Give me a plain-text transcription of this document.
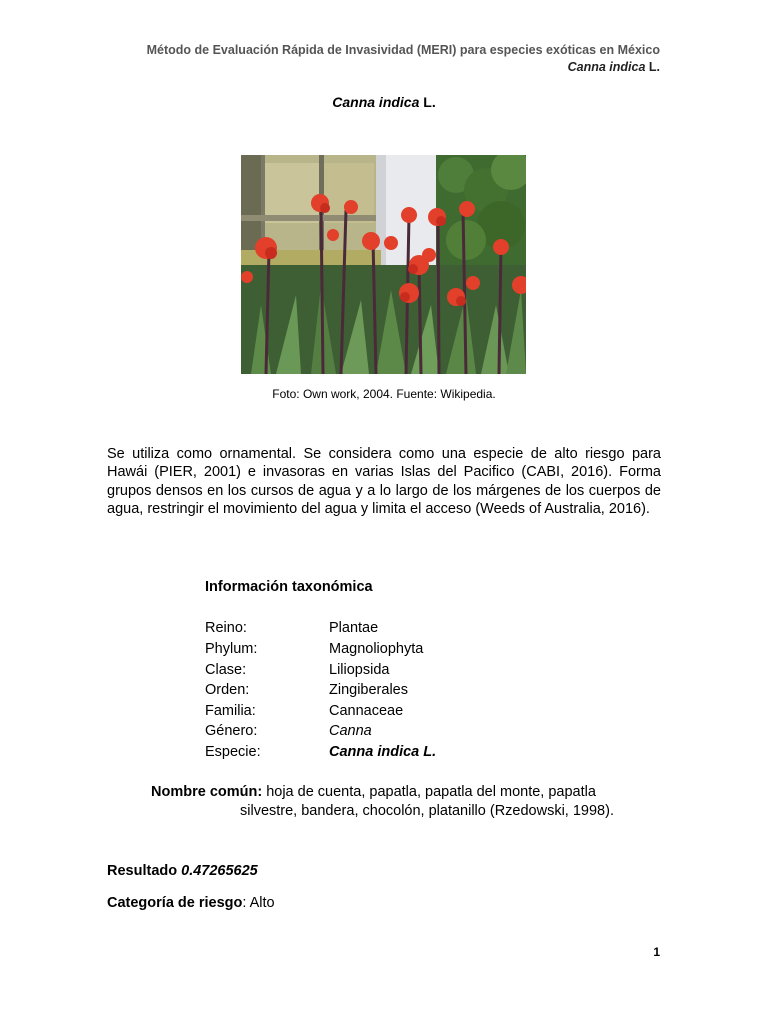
Método de Evaluación Rápida de Invasividad (MERI) para especies exóticas en México
Canna indica L.
Canna indica L.
Foto: Own work, 2004. Fuente: Wikipedia.
Se utiliza como ornamental. Se considera como una especie de alto riesgo para Hawái (PIER, 2001) e invasoras en varias Islas del Pacifico (CABI, 2016). Forma grupos densos en los cursos de agua y a lo largo de los márgenes de los cuerpos de agua, restringir el movimiento del agua y limita el acceso (Weeds of Australia, 2016).
Información taxonómica
Reino:	Plantae
Phylum:	Magnoliophyta
Clase:	Liliopsida
Orden:	Zingiberales
Familia:	Cannaceae
Género:	Canna
Especie:	Canna indica L.
Nombre común: hoja de cuenta, papatla, papatla del monte, papatla
silvestre, bandera, chocolón, platanillo (Rzedowski, 1998).
Resultado 0.47265625
Categoría de riesgo: Alto
1
